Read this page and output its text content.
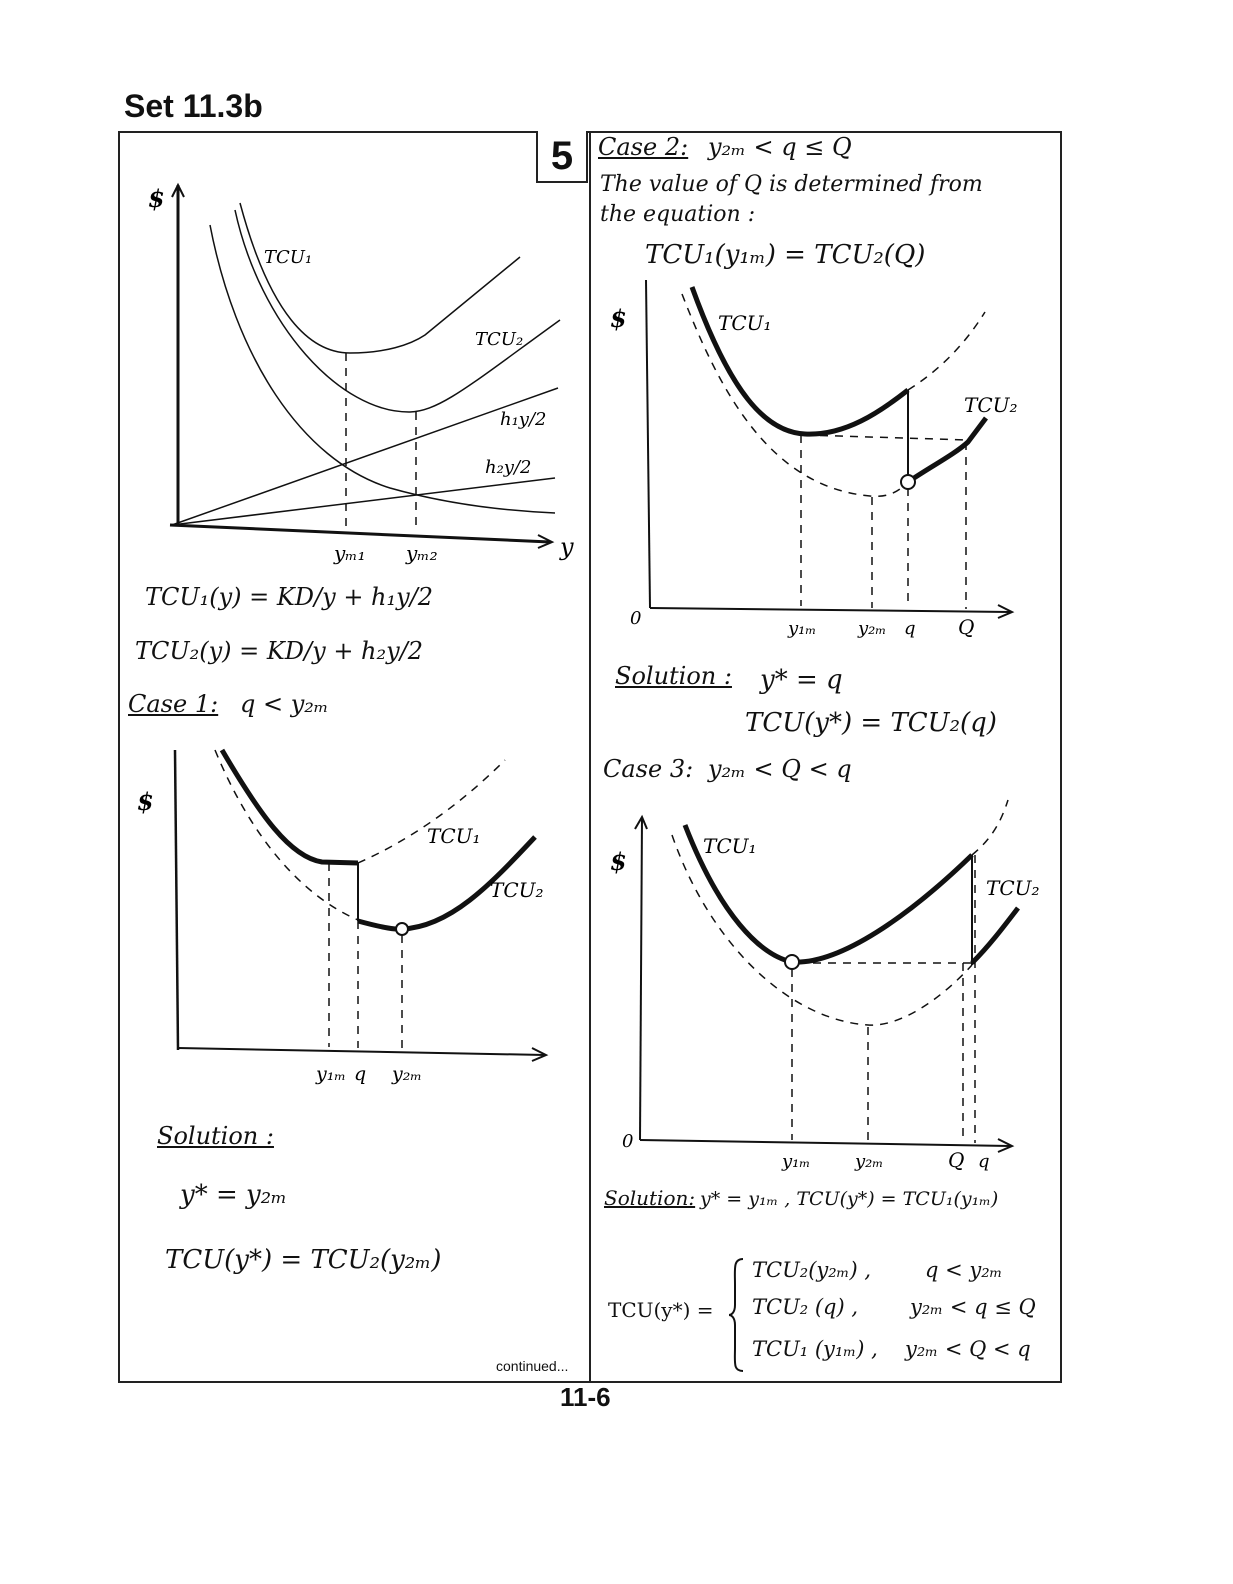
Set 11.3b
5
$
y
TCU₁
TCU₂
h₁y/2
h₂y/2
yₘ₁ yₘ₂
TCU₁(y) = KD/y + h₁y/2
TCU₂(y) = KD/y + h₂y/2
Case 1: q < y₂ₘ
$
TCU₁
TCU₂
y₁ₘ q y₂ₘ
Solution :
y* = y₂ₘ
TCU(y*) = TCU₂(y₂ₘ)
continued...
Case 2: y₂ₘ < q ≤ Q
The value of Q is determined from
the equation :
TCU₁(y₁ₘ) = TCU₂(Q)
$
0
TCU₁
TCU₂
y₁ₘ y₂ₘ q Q
Solution : y* = q
TCU(y*) = TCU₂(q)
Case 3: y₂ₘ < Q < q
$
0
TCU₁
TCU₂
y₁ₘ y₂ₘ	Q q
Solution: y* = y₁ₘ , TCU(y*) = TCU₁(y₁ₘ)
TCU(y*) =
TCU₂(y₂ₘ) ,	q < y₂ₘ
TCU₂ (q) , y₂ₘ < q ≤ Q
TCU₁ (y₁ₘ) , y₂ₘ < Q < q
11-6
